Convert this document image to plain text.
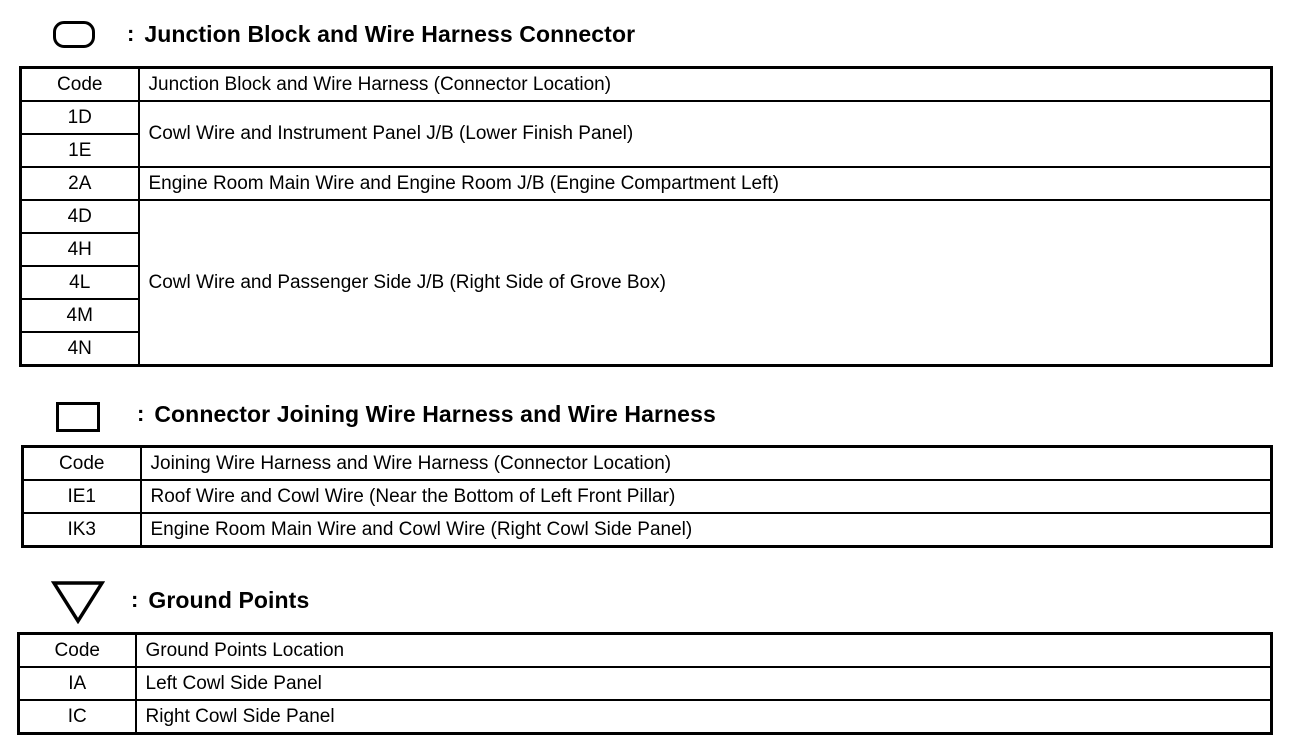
: Junction Block and Wire Harness Connector
Code	Junction Block and Wire Harness (Connector Location)
1D	Cowl Wire and Instrument Panel J/B (Lower Finish Panel)
1E	
2A	Engine Room Main Wire and Engine Room J/B (Engine Compartment Left)
4D	Cowl Wire and Passenger Side J/B (Right Side of Grove Box)
4H	
4L	
4M	
4N	
: Connector Joining Wire Harness and Wire Harness
Code	Joining Wire Harness and Wire Harness (Connector Location)
IE1	Roof Wire and Cowl Wire (Near the Bottom of Left Front Pillar)
IK3	Engine Room Main Wire and Cowl Wire (Right Cowl Side Panel)
: Ground Points
Code	Ground Points Location
IA	Left Cowl Side Panel
IC	Right Cowl Side Panel
